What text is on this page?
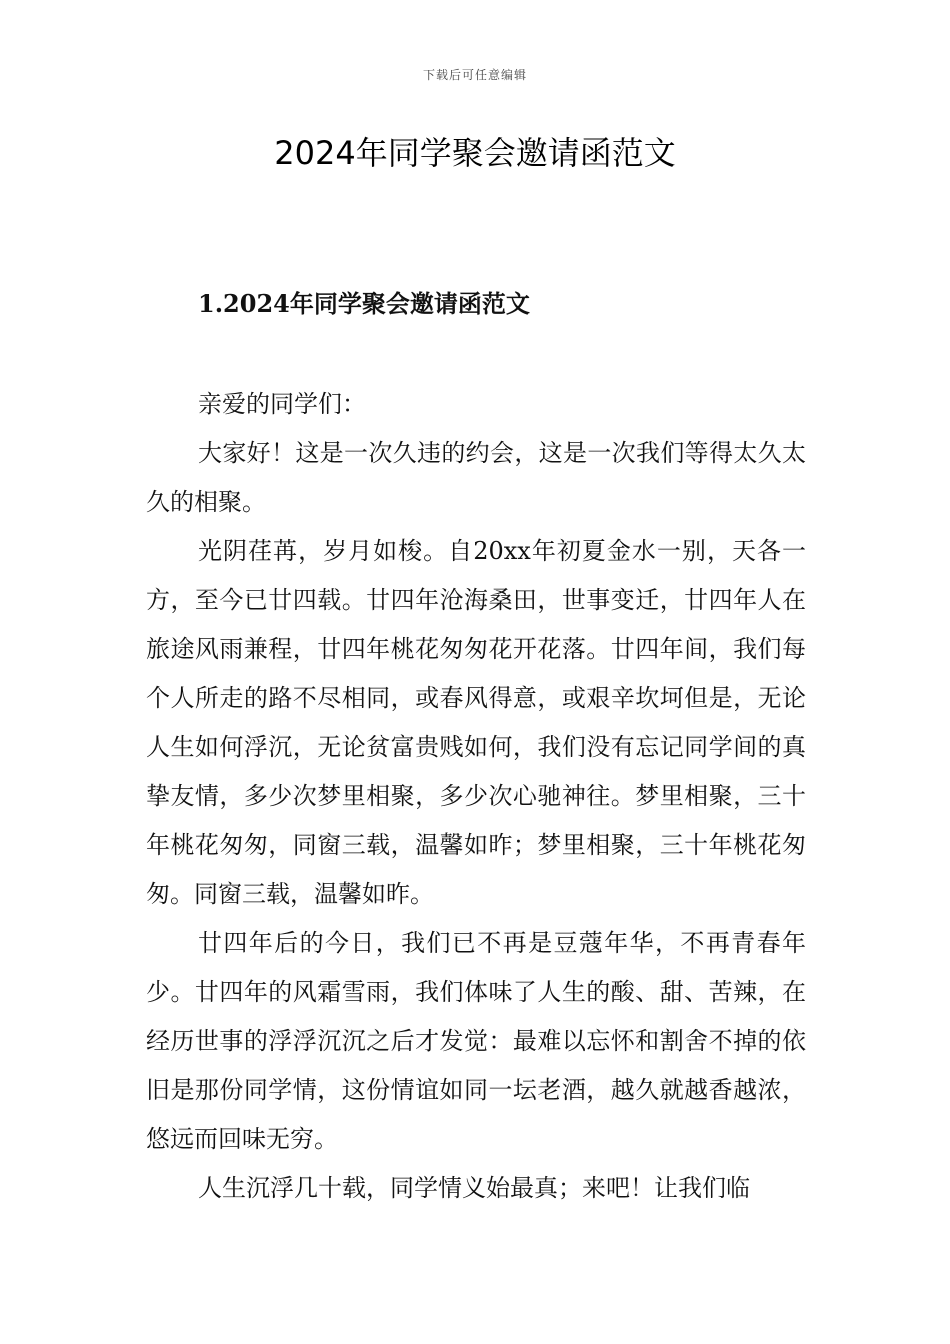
下载后可任意编辑
2024年同学聚会邀请函范文
1.2024年同学聚会邀请函范文

亲爱的同学们：

大家好！这是一次久违的约会，这是一次我们等得太久太久的相聚。

光阴荏苒，岁月如梭。自20xx年初夏金水一别，天各一方，至今已廿四载。廿四年沧海桑田，世事变迁，廿四年人在旅途风雨兼程，廿四年桃花匆匆花开花落。廿四年间，我们每个人所走的路不尽相同，或春风得意，或艰辛坎坷但是，无论人生如何浮沉，无论贫富贵贱如何，我们没有忘记同学间的真挚友情，多少次梦里相聚，多少次心驰神往。梦里相聚，三十年桃花匆匆，同窗三载，温馨如昨；梦里相聚，三十年桃花匆匆。同窗三载，温馨如昨。

廿四年后的今日，我们已不再是豆蔻年华，不再青春年少。廿四年的风霜雪雨，我们体味了人生的酸、甜、苦辣，在经历世事的浮浮沉沉之后才发觉：最难以忘怀和割舍不掉的依旧是那份同学情，这份情谊如同一坛老酒，越久就越香越浓，悠远而回味无穷。

人生沉浮几十载，同学情义始最真；来吧！让我们临
